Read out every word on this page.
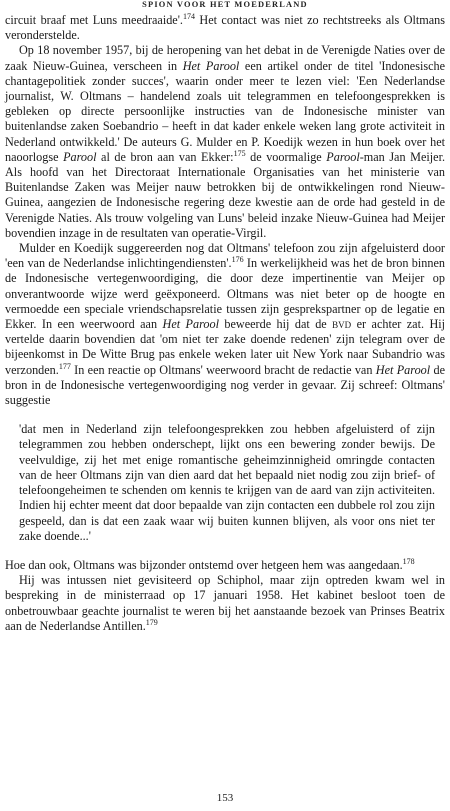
SPION VOOR HET MOEDERLAND

circuit braaf met Luns meedraaide'.$^{174}$ Het contact was niet zo rechtstreeks als Oltmans veronderstelde.

Op 18 november 1957, bij de heropening van het debat in de Verenigde Naties over de zaak Nieuw-Guinea, verscheen in Het Parool een artikel onder de titel 'Indonesische chantagepolitiek zonder succes', waarin onder meer te lezen viel: 'Een Nederlandse journalist, W. Oltmans – handelend zoals uit telegrammen en telefoongesprekken is gebleken op directe persoonlijke instructies van de Indonesische minister van buitenlandse zaken Soebandrio – heeft in dat kader enkele weken lang grote activiteit in Nederland ontwikkeld.' De auteurs G. Mulder en P. Koedijk wezen in hun boek over het naoorlogse Parool al de bron aan van Ekker:$^{175}$ de voormalige Parool-man Jan Meijer. Als hoofd van het Directoraat Internationale Organisaties van het ministerie van Buitenlandse Zaken was Meijer nauw betrokken bij de ontwikkelingen rond Nieuw-Guinea, aangezien de Indonesische regering deze kwestie aan de orde had gesteld in de Verenigde Naties. Als trouw volgeling van Luns' beleid inzake Nieuw-Guinea had Meijer bovendien inzage in de resultaten van operatie-Virgil.

Mulder en Koedijk suggereerden nog dat Oltmans' telefoon zou zijn afgeluisterd door 'een van de Nederlandse inlichtingendiensten'.$^{176}$ In werkelijkheid was het de bron binnen de Indonesische vertegenwoordiging, die door deze impertinentie van Meijer op onverantwoorde wijze werd geëxponeerd. Oltmans was niet beter op de hoogte en vermoedde een speciale vriendschapsrelatie tussen zijn gesprekspartner op de legatie en Ekker. In een weerwoord aan Het Parool beweerde hij dat de bvd er achter zat. Hij vertelde daarin bovendien dat 'om niet ter zake doende redenen' zijn telegram over de bijeenkomst in De Witte Brug pas enkele weken later uit New York naar Subandrio was verzonden.$^{177}$ In een reactie op Oltmans' weerwoord bracht de redactie van Het Parool de bron in de Indonesische vertegenwoordiging nog verder in gevaar. Zij schreef: Oltmans' suggestie

'dat men in Nederland zijn telefoongesprekken zou hebben afgeluisterd of zijn telegrammen zou hebben onderschept, lijkt ons een bewering zonder bewijs. De veelvuldige, zij het met enige romantische geheimzinnigheid omringde contacten van de heer Oltmans zijn van dien aard dat het bepaald niet nodig zou zijn brief- of telefoongeheimen te schenden om kennis te krijgen van de aard van zijn activiteiten. Indien hij echter meent dat door bepaalde van zijn contacten een dubbele rol zou zijn gespeeld, dan is dat een zaak waar wij buiten kunnen blijven, als voor ons niet ter zake doende...'

Hoe dan ook, Oltmans was bijzonder ontstemd over hetgeen hem was aangedaan.$^{178}$

Hij was intussen niet gevisiteerd op Schiphol, maar zijn optreden kwam wel in bespreking in de ministerraad op 17 januari 1958. Het kabinet besloot toen de onbetrouwbaar geachte journalist te weren bij het aanstaande bezoek van Prinses Beatrix aan de Nederlandse Antillen.$^{179}$

153
